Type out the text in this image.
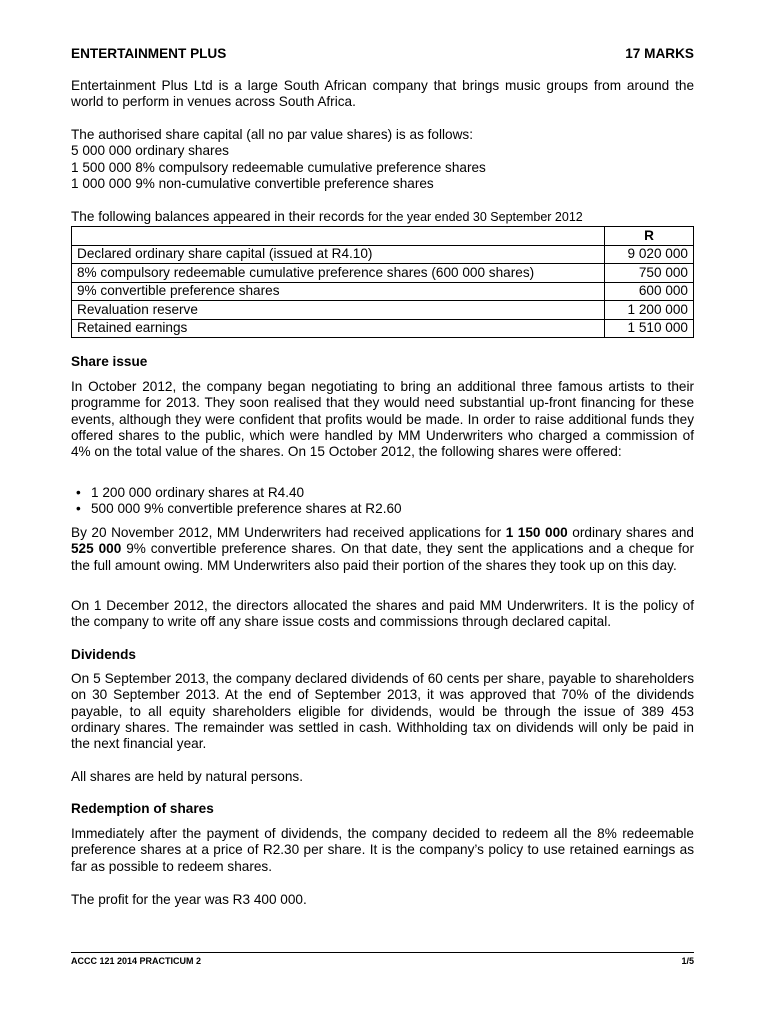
ENTERTAINMENT PLUS	17 MARKS

Entertainment Plus Ltd is a large South African company that brings music groups from around the world to perform in venues across South Africa.

The authorised share capital (all no par value shares) is as follows:

5 000 000 ordinary shares

1 500 000 8% compulsory redeemable cumulative preference shares

1 000 000 9% non-cumulative convertible preference shares

The following balances appeared in their records for the year ended 30 September 2012

	R
Declared ordinary share capital (issued at R4.10)	9 020 000
8% compulsory redeemable cumulative preference shares (600 000 shares)	750 000
9% convertible preference shares	600 000
Revaluation reserve	1 200 000
Retained earnings	1 510 000

Share issue

In October 2012, the company began negotiating to bring an additional three famous artists to their programme for 2013. They soon realised that they would need substantial up-front financing for these events, although they were confident that profits would be made. In order to raise additional funds they offered shares to the public, which were handled by MM Underwriters who charged a commission of 4% on the total value of the shares. On 15 October 2012, the following shares were offered:

• 1 200 000 ordinary shares at R4.40
• 500 000 9% convertible preference shares at R2.60

By 20 November 2012, MM Underwriters had received applications for 1 150 000 ordinary shares and 525 000 9% convertible preference shares. On that date, they sent the applications and a cheque for the full amount owing. MM Underwriters also paid their portion of the shares they took up on this day.

On 1 December 2012, the directors allocated the shares and paid MM Underwriters. It is the policy of the company to write off any share issue costs and commissions through declared capital.

Dividends

On 5 September 2013, the company declared dividends of 60 cents per share, payable to shareholders on 30 September 2013. At the end of September 2013, it was approved that 70% of the dividends payable, to all equity shareholders eligible for dividends, would be through the issue of 389 453 ordinary shares. The remainder was settled in cash. Withholding tax on dividends will only be paid in the next financial year.

All shares are held by natural persons.

Redemption of shares

Immediately after the payment of dividends, the company decided to redeem all the 8% redeemable preference shares at a price of R2.30 per share. It is the company’s policy to use retained earnings as far as possible to redeem shares.

The profit for the year was R3 400 000.

ACCC 121 2014 PRACTICUM 2	1/5
